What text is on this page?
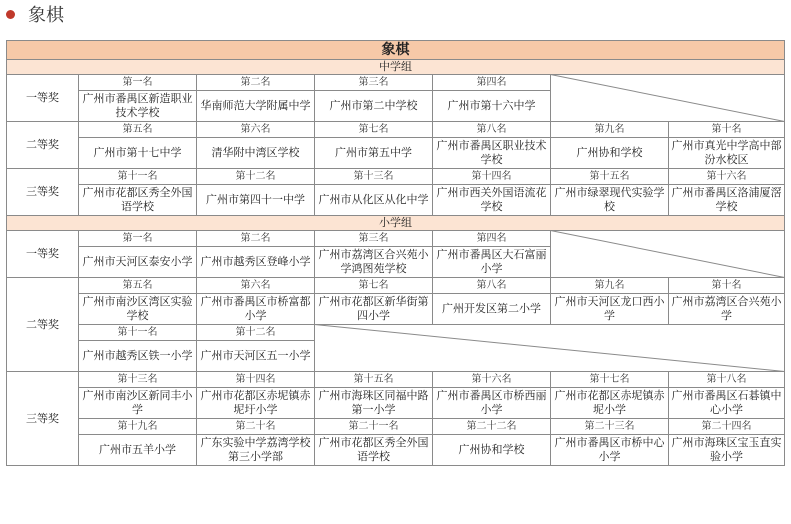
象棋
象棋						
中学组						
一等奖	第一名	第二名	第三名	第四名		
	广州市番禺区新造职业技术学校	华南师范大学附属中学	广州市第二中学校	广州市第十六中学		
二等奖	第五名	第六名	第七名	第八名	第九名	第十名
	广州市第十七中学	清华附中湾区学校	广州市第五中学	广州市番禺区职业技术学校	广州协和学校	广州市真光中学高中部汾水校区
三等奖	第十一名	第十二名	第十三名	第十四名	第十五名	第十六名
	广州市花都区秀全外国语学校	广州市第四十一中学	广州市从化区从化中学	广州市西关外国语流花学校	广州市绿翠现代实验学校	广州市番禺区洛浦厦滘学校
小学组						
一等奖	第一名	第二名	第三名	第四名		
	广州市天河区泰安小学	广州市越秀区登峰小学	广州市荔湾区合兴苑小学鸿图苑学校	广州市番禺区大石富丽小学		
二等奖	第五名	第六名	第七名	第八名	第九名	第十名
	广州市南沙区湾区实验学校	广州市番禺区市桥富都小学	广州市花都区新华街第四小学	广州开发区第二小学	广州市天河区龙口西小学	广州市荔湾区合兴苑小学
	第十一名	第十二名				
	广州市越秀区铁一小学	广州市天河区五一小学				
三等奖	第十三名	第十四名	第十五名	第十六名	第十七名	第十八名
	广州市南沙区新同丰小学	广州市花都区赤坭镇赤坭圩小学	广州市海珠区同福中路第一小学	广州市番禺区市桥西丽小学	广州市花都区赤坭镇赤坭小学	广州市番禺区石碁镇中心小学
	第十九名	第二十名	第二十一名	第二十二名	第二十三名	第二十四名
	广州市五羊小学	广东实验中学荔湾学校第三小学部	广州市花都区秀全外国语学校	广州协和学校	广州市番禺区市桥中心小学	广州市海珠区宝玉直实验小学
